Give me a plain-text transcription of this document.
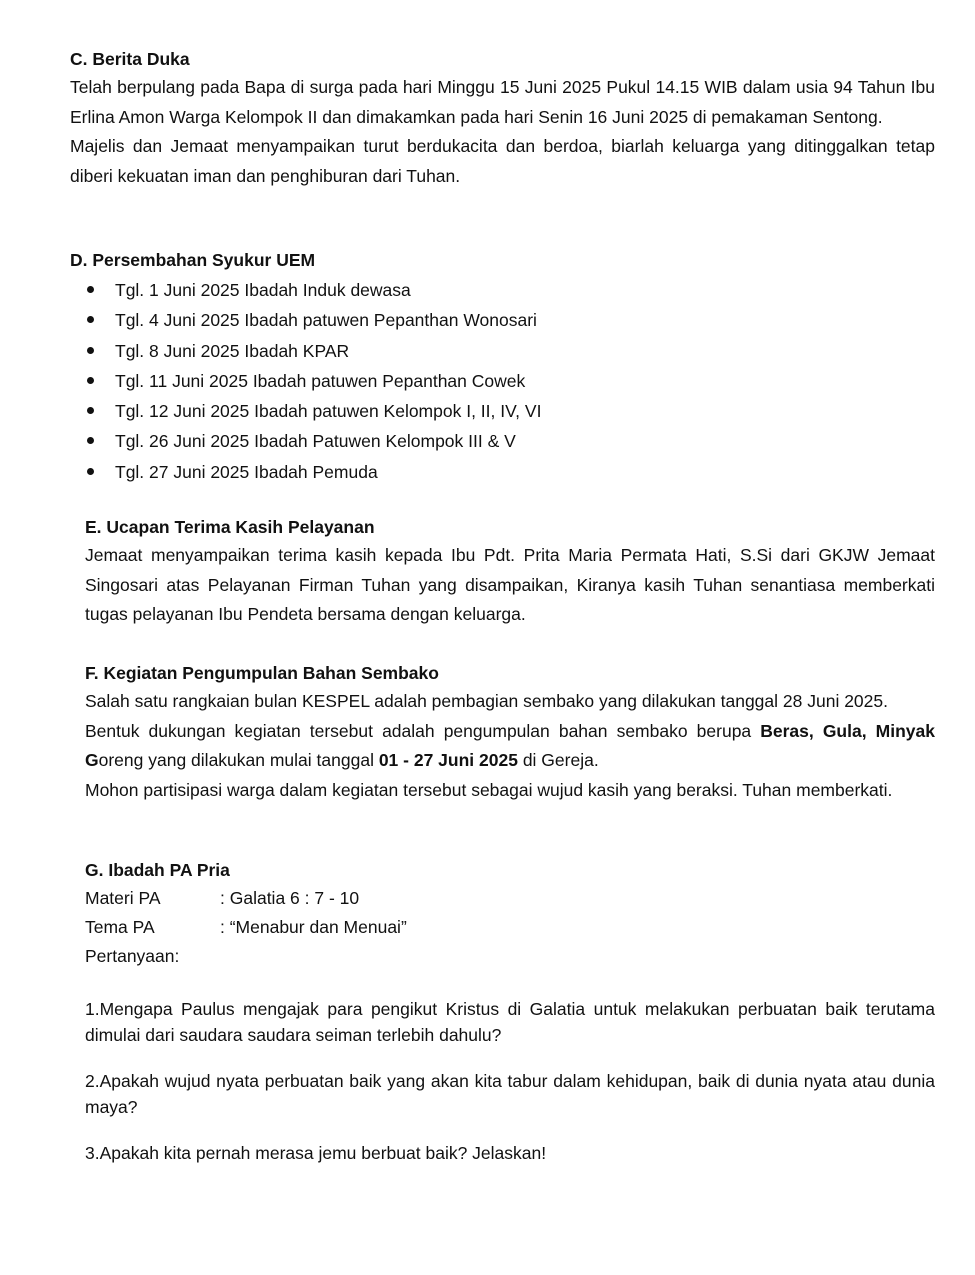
C. Berita Duka

Telah berpulang pada Bapa di surga pada hari Minggu 15 Juni 2025 Pukul 14.15 WIB dalam usia 94 Tahun Ibu Erlina Amon Warga Kelompok II dan dimakamkan pada hari Senin 16 Juni 2025 di pemakaman Sentong.

Majelis dan Jemaat menyampaikan turut berdukacita dan berdoa, biarlah keluarga yang ditinggalkan tetap diberi kekuatan iman dan penghiburan dari Tuhan.

D. Persembahan Syukur UEM

Tgl. 1 Juni 2025 Ibadah Induk dewasa
Tgl. 4 Juni 2025 Ibadah patuwen Pepanthan Wonosari
Tgl. 8 Juni 2025 Ibadah KPAR
Tgl. 11 Juni 2025 Ibadah patuwen Pepanthan Cowek
Tgl. 12 Juni 2025 Ibadah patuwen Kelompok I, II, IV, VI
Tgl. 26 Juni 2025 Ibadah Patuwen Kelompok III & V
Tgl. 27 Juni 2025 Ibadah Pemuda

E. Ucapan Terima Kasih Pelayanan

Jemaat menyampaikan terima kasih kepada Ibu Pdt. Prita Maria Permata Hati, S.Si dari GKJW Jemaat Singosari atas Pelayanan Firman Tuhan yang disampaikan, Kiranya kasih Tuhan senantiasa memberkati tugas pelayanan Ibu Pendeta bersama dengan keluarga.

F. Kegiatan Pengumpulan Bahan Sembako

Salah satu rangkaian bulan KESPEL adalah pembagian sembako yang dilakukan tanggal 28 Juni 2025.

Bentuk dukungan kegiatan tersebut adalah pengumpulan bahan sembako berupa Beras, Gula, Minyak Goreng yang dilakukan mulai tanggal 01 - 27 Juni 2025 di Gereja.

Mohon partisipasi warga dalam kegiatan tersebut sebagai wujud kasih yang beraksi. Tuhan memberkati.

G. Ibadah PA Pria

Materi PA	: Galatia 6 : 7 - 10
Tema PA	: “Menabur dan Menuai”

Pertanyaan:

1.Mengapa Paulus mengajak para pengikut Kristus di Galatia untuk melakukan perbuatan baik terutama dimulai dari saudara saudara seiman terlebih dahulu?

2.Apakah wujud nyata perbuatan baik yang akan kita tabur dalam kehidupan, baik di dunia nyata atau dunia maya?

3.Apakah kita pernah merasa jemu berbuat baik? Jelaskan!
